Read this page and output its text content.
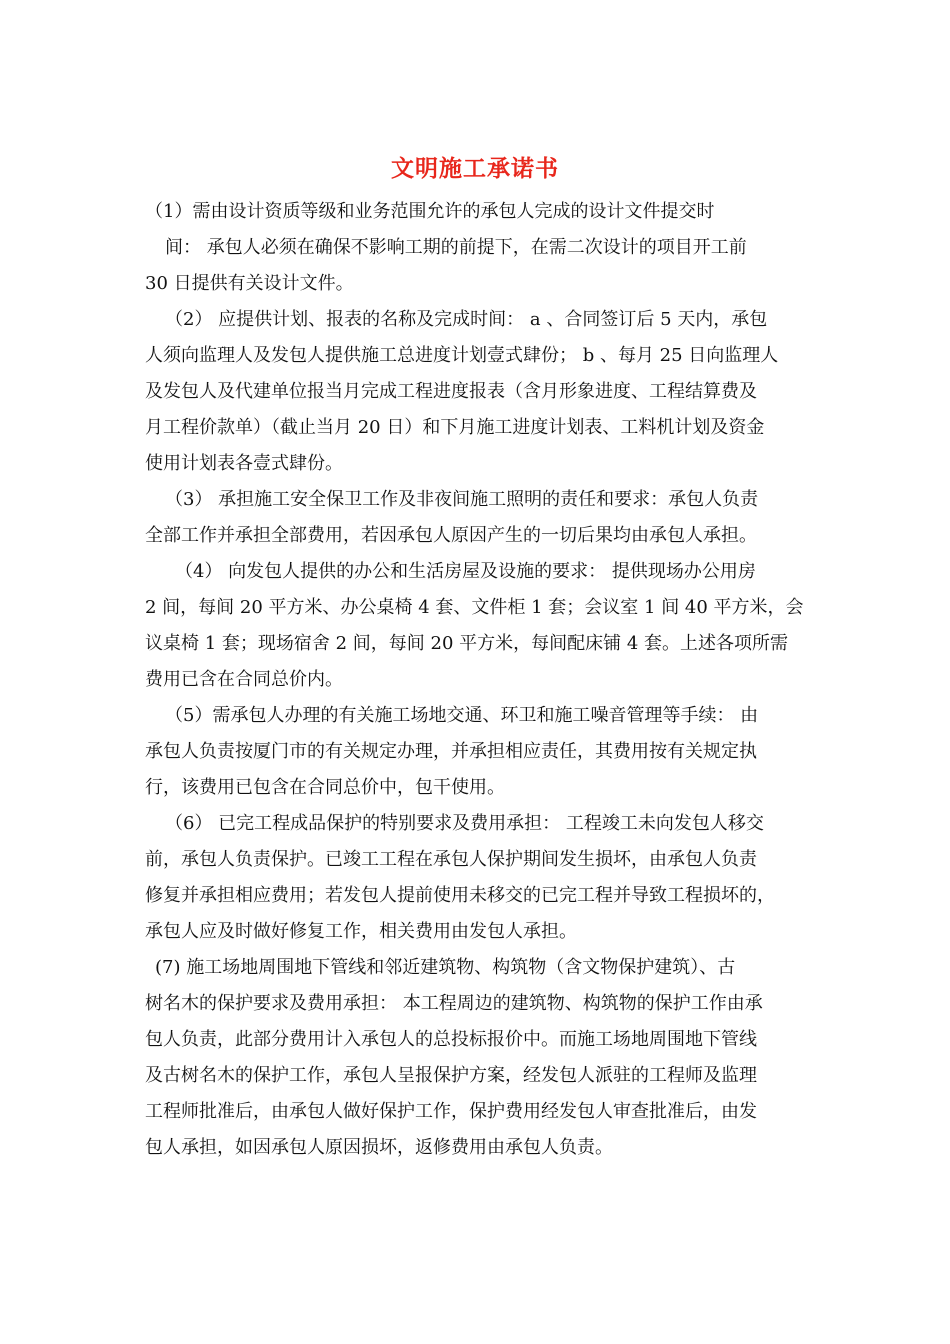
文明施工承诺书
（1）需由设计资质等级和业务范围允许的承包人完成的设计文件提交时
间： 承包人必须在确保不影响工期的前提下，在需二次设计的项目开工前
30 日提供有关设计文件。
（2） 应提供计划、报表的名称及完成时间： a 、合同签订后 5 天内，承包
人须向监理人及发包人提供施工总进度计划壹式肆份； b 、每月 25 日向监理人
及发包人及代建单位报当月完成工程进度报表（含月形象进度、工程结算费及
月工程价款单）（截止当月 20 日）和下月施工进度计划表、工料机计划及资金
使用计划表各壹式肆份。
（3） 承担施工安全保卫工作及非夜间施工照明的责任和要求：承包人负责
全部工作并承担全部费用，若因承包人原因产生的一切后果均由承包人承担。
（4） 向发包人提供的办公和生活房屋及设施的要求： 提供现场办公用房
2 间，每间 20 平方米、办公桌椅 4 套、文件柜 1 套；会议室 1 间 40 平方米，会
议桌椅 1 套；现场宿舍 2 间，每间 20 平方米，每间配床铺 4 套。上述各项所需
费用已含在合同总价内。
（5）需承包人办理的有关施工场地交通、环卫和施工噪音管理等手续： 由
承包人负责按厦门市的有关规定办理，并承担相应责任，其费用按有关规定执
行，该费用已包含在合同总价中，包干使用。
（6） 已完工程成品保护的特别要求及费用承担： 工程竣工未向发包人移交
前，承包人负责保护。已竣工工程在承包人保护期间发生损坏，由承包人负责
修复并承担相应费用；若发包人提前使用未移交的已完工程并导致工程损坏的，
承包人应及时做好修复工作，相关费用由发包人承担。
(7) 施工场地周围地下管线和邻近建筑物、构筑物（含文物保护建筑）、古
树名木的保护要求及费用承担： 本工程周边的建筑物、构筑物的保护工作由承
包人负责，此部分费用计入承包人的总投标报价中。而施工场地周围地下管线
及古树名木的保护工作，承包人呈报保护方案，经发包人派驻的工程师及监理
工程师批准后，由承包人做好保护工作，保护费用经发包人审查批准后，由发
包人承担，如因承包人原因损坏，返修费用由承包人负责。
